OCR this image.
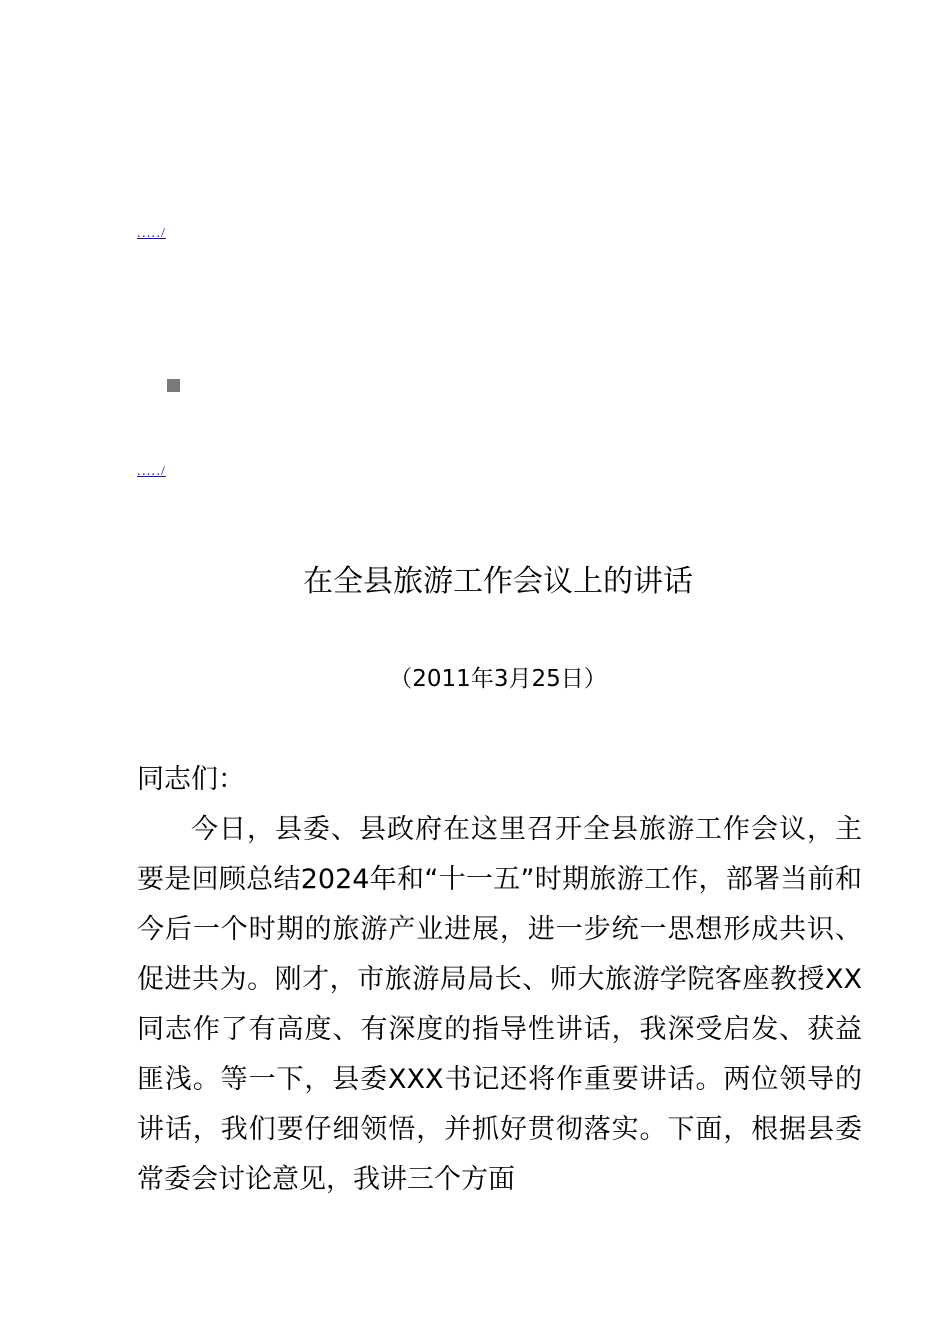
.…./
.…./
在全县旅游工作会议上的讲话
（2011年3月25日）
同志们：
今日，县委、县政府在这里召开全县旅游工作会议，主要是回顾总结2024年和“十一五”时期旅游工作，部署当前和今后一个时期的旅游产业进展，进一步统一思想形成共识、促进共为。刚才，市旅游局局长、师大旅游学院客座教授XX同志作了有高度、有深度的指导性讲话，我深受启发、获益匪浅。等一下，县委XXX书记还将作重要讲话。两位领导的讲话，我们要仔细领悟，并抓好贯彻落实。下面，根据县委常委会讨论意见，我讲三个方面
